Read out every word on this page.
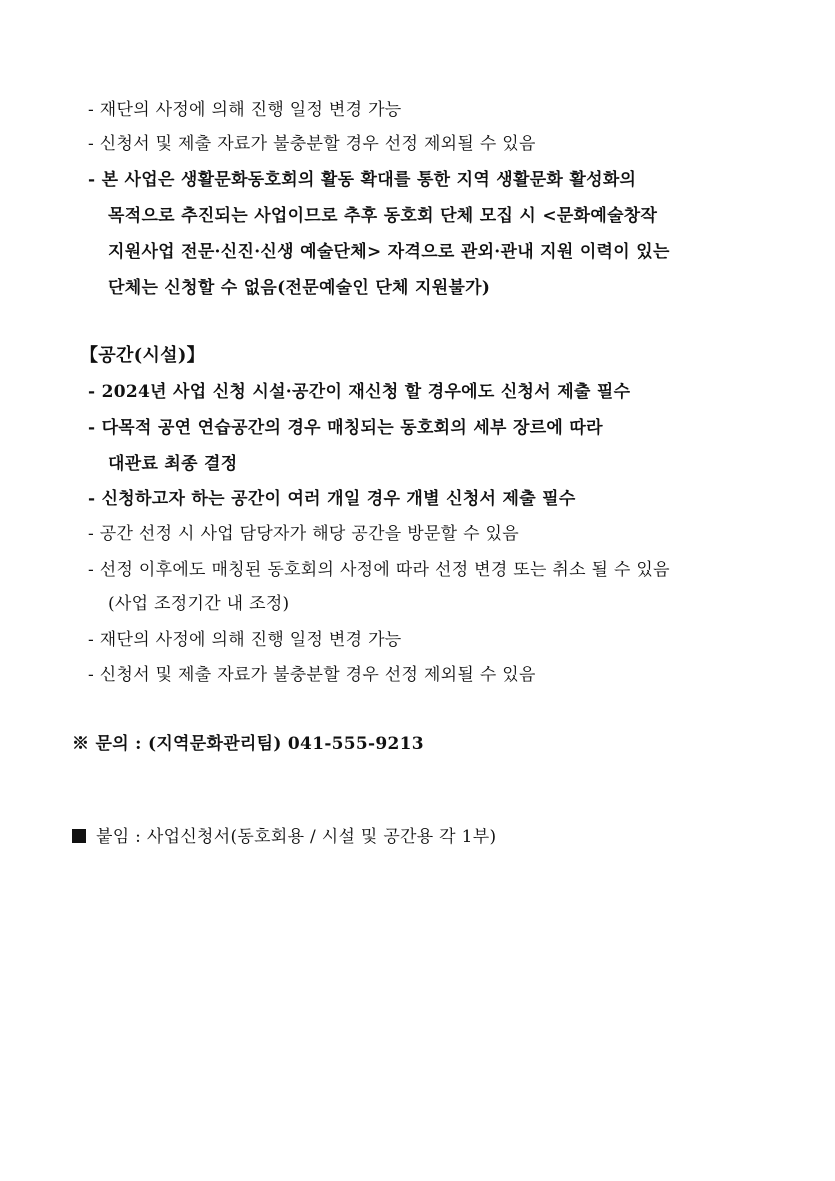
- 재단의 사정에 의해 진행 일정 변경 가능
- 신청서 및 제출 자료가 불충분할 경우 선정 제외될 수 있음
- 본 사업은 생활문화동호회의 활동 확대를 통한 지역 생활문화 활성화의
목적으로 추진되는 사업이므로 추후 동호회 단체 모집 시 <문화예술창작
지원사업 전문·신진·신생 예술단체> 자격으로 관외·관내 지원 이력이 있는
단체는 신청할 수 없음(전문예술인 단체 지원불가)
【공간(시설)】
- 2024년 사업 신청 시설·공간이 재신청 할 경우에도 신청서 제출 필수
- 다목적 공연 연습공간의 경우 매칭되는 동호회의 세부 장르에 따라
대관료 최종 결정
- 신청하고자 하는 공간이 여러 개일 경우 개별 신청서 제출 필수
- 공간 선정 시 사업 담당자가 해당 공간을 방문할 수 있음
- 선정 이후에도 매칭된 동호회의 사정에 따라 선정 변경 또는 취소 될 수 있음
(사업 조정기간 내 조정)
- 재단의 사정에 의해 진행 일정 변경 가능
- 신청서 및 제출 자료가 불충분할 경우 선정 제외될 수 있음
※ 문의 : (지역문화관리팀) 041-555-9213
붙임 : 사업신청서(동호회용 / 시설 및 공간용 각 1부)
